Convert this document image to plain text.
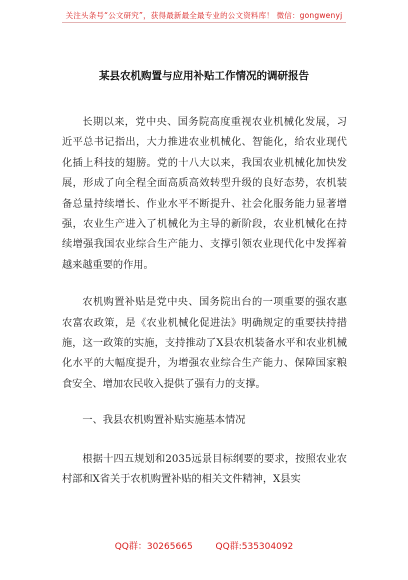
关注头条号“公文研究”，获得最新最全最专业的公文资料库！ 微信：gongwenyj
某县农机购置与应用补贴工作情况的调研报告

长期以来，党中央、国务院高度重视农业机械化发展，习近平总书记指出，大力推进农业机械化、智能化，给农业现代化插上科技的翅膀。党的十八大以来，我国农业机械化加快发展，形成了向全程全面高质高效转型升级的良好态势，农机装备总量持续增长、作业水平不断提升、社会化服务能力显著增强，农业生产进入了机械化为主导的新阶段，农业机械化在持续增强我国农业综合生产能力、支撑引领农业现代化中发挥着越来越重要的作用。

农机购置补贴是党中央、国务院出台的一项重要的强农惠农富农政策，是《农业机械化促进法》明确规定的重要扶持措施，这一政策的实施，支持推动了X县农机装备水平和农业机械化水平的大幅度提升，为增强农业综合生产能力、保障国家粮食安全、增加农民收入提供了强有力的支撑。

一、我县农机购置补贴实施基本情况

根据十四五规划和2035远景目标纲要的要求，按照农业农村部和X省关于农机购置补贴的相关文件精神，X县实

QQ群：30265665	QQ群:535304092
